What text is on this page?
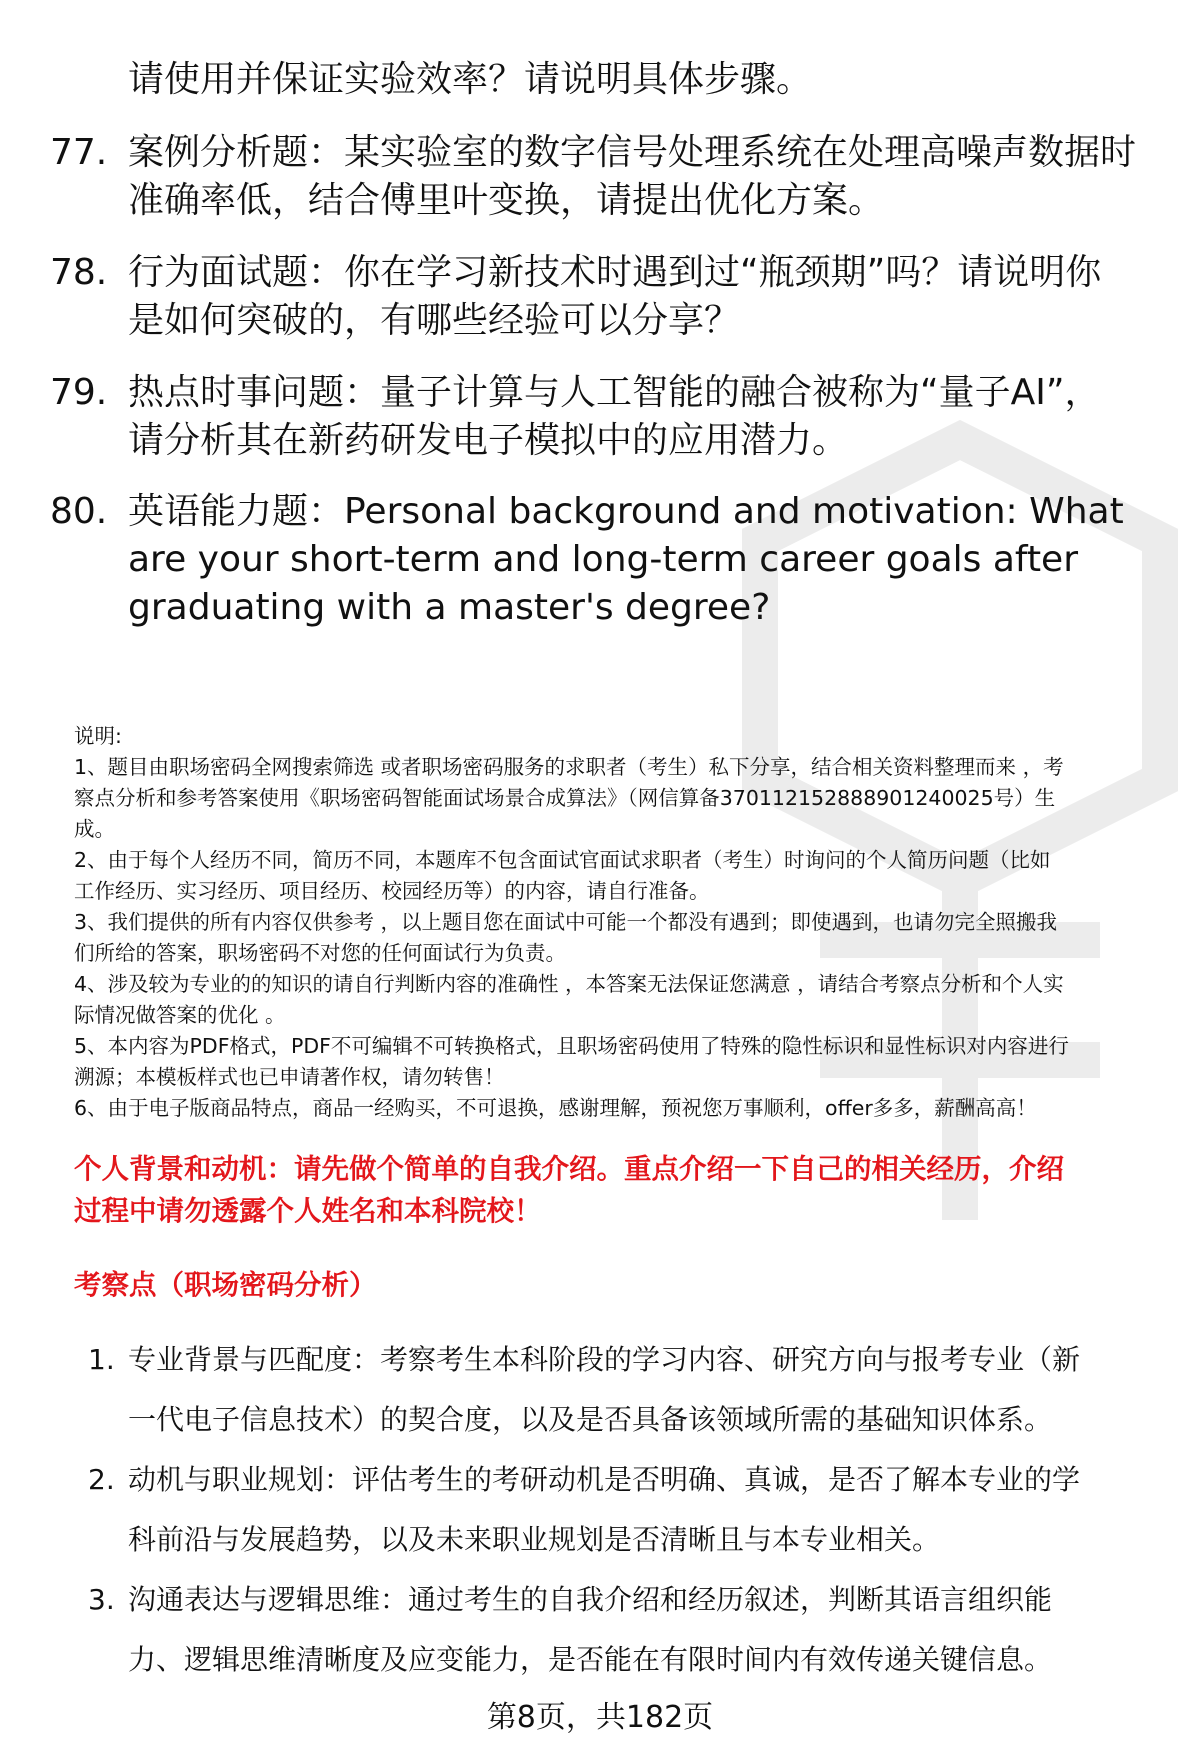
请使用并保证实验效率？请说明具体步骤。
77. 案例分析题：某实验室的数字信号处理系统在处理高噪声数据时
准确率低，结合傅里叶变换，请提出优化方案。
78. 行为面试题：你在学习新技术时遇到过“瓶颈期”吗？请说明你
是如何突破的，有哪些经验可以分享？
79. 热点时事问题：量子计算与人工智能的融合被称为“量子AI”，
请分析其在新药研发电子模拟中的应用潜力。
80. 英语能力题：Personal background and motivation: What
are your short-term and long-term career goals after
graduating with a master's degree?

说明:

1、题目由职场密码全网搜索筛选 或者职场密码服务的求职者（考生）私下分享，结合相关资料整理而来 ，考

察点分析和参考答案使用《职场密码智能面试场景合成算法》（网信算备370112152888901240025号）生

成。

2、由于每个人经历不同，简历不同，本题库不包含面试官面试求职者（考生）时询问的个人简历问题（比如

工作经历、实习经历、项目经历、校园经历等）的内容，请自行准备。

3、我们提供的所有内容仅供参考 ，以上题目您在面试中可能一个都没有遇到；即使遇到，也请勿完全照搬我

们所给的答案，职场密码不对您的任何面试行为负责。

4、涉及较为专业的的知识的请自行判断内容的准确性 ，本答案无法保证您满意 ，请结合考察点分析和个人实

际情况做答案的优化 。

5、本内容为PDF格式，PDF不可编辑不可转换格式，且职场密码使用了特殊的隐性标识和显性标识对内容进行

溯源；本模板样式也已申请著作权，请勿转售！

6、由于电子版商品特点，商品一经购买，不可退换，感谢理解，预祝您万事顺利，offer多多，薪酬高高！

个人背景和动机：请先做个简单的自我介绍。重点介绍一下自己的相关经历，介绍
过程中请勿透露个人姓名和本科院校！
考察点（职场密码分析）
1. 专业背景与匹配度：考察考生本科阶段的学习内容、研究方向与报考专业（新
一代电子信息技术）的契合度，以及是否具备该领域所需的基础知识体系。
2. 动机与职业规划：评估考生的考研动机是否明确、真诚，是否了解本专业的学
科前沿与发展趋势，以及未来职业规划是否清晰且与本专业相关。
3. 沟通表达与逻辑思维：通过考生的自我介绍和经历叙述，判断其语言组织能
力、逻辑思维清晰度及应变能力，是否能在有限时间内有效传递关键信息。
第8页，共182页
